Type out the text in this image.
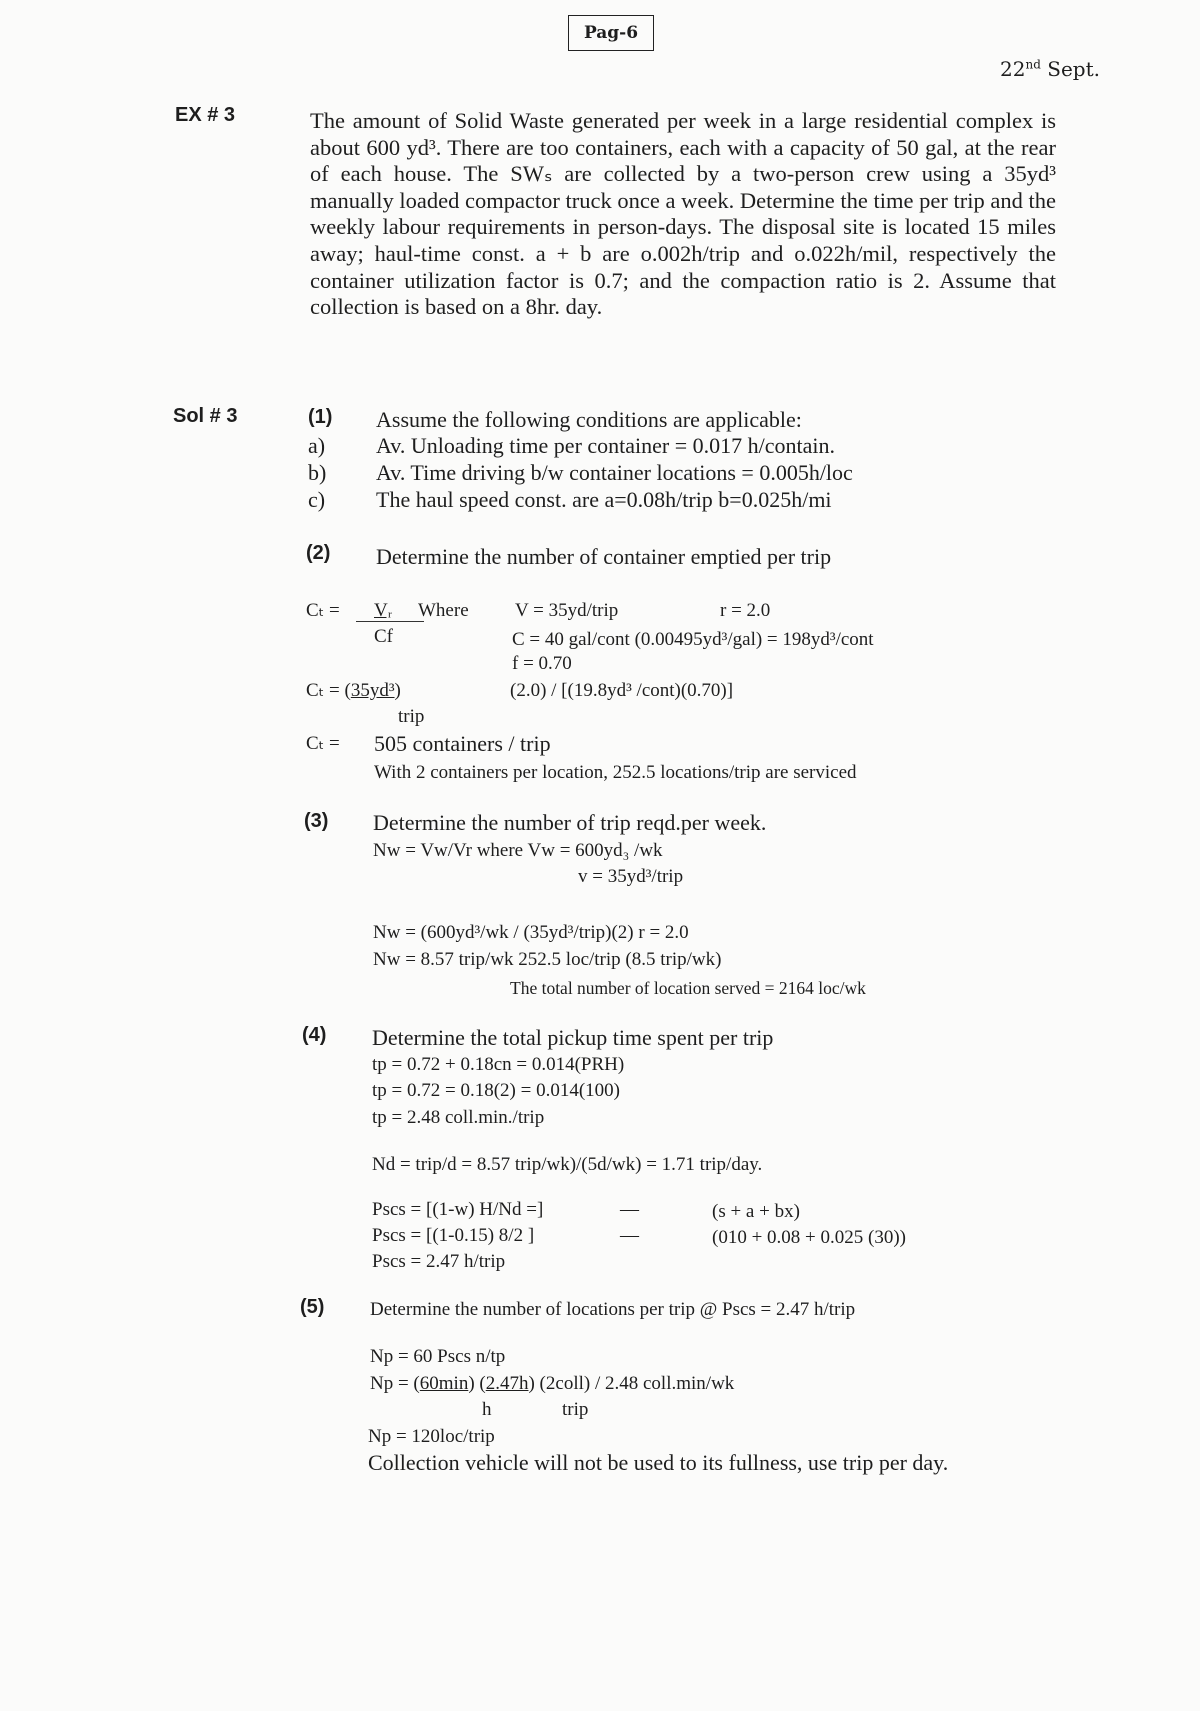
Pag-6
22nd Sept.
EX # 3	The amount of Solid Waste generated per week in a large residential complex is about 600 yd³. There are too containers, each with a capacity of 50 gal, at the rear of each house. The SWₛ are collected by a two-person crew using a 35yd³ manually loaded compactor truck once a week. Determine the time per trip and the weekly labour requirements in person-days. The disposal site is located 15 miles away; haul-time const. a + b are o.002h/trip and o.022h/mil, respectively the container utilization factor is 0.7; and the compaction ratio is 2. Assume that collection is based on a 8hr. day.
Sol # 3	(1) Assume the following conditions are applicable:
a) Av. Unloading time per container = 0.017 h/contain.
b) Av. Time driving b/w container locations = 0.005h/loc
c) The haul speed const. are a=0.08h/trip b=0.025h/mi
(2) Determine the number of container emptied per trip
Cₜ = Vᵣ Where
Cf
V = 35yd/trip	r = 2.0
C = 40 gal/cont (0.00495yd³/gal) = 198yd³/cont
f = 0.70
Cₜ = (35yd³)	(2.0) / [(19.8yd³ /cont)(0.70)]
trip
Cₜ = 505 containers / trip
With 2 containers per location, 252.5 locations/trip are serviced
(3) Determine the number of trip reqd.per week.
Nw = Vw/Vr where Vw = 600yd₃ /wk
v = 35yd³/trip
Nw = (600yd³/wk / (35yd³/trip)(2) r = 2.0
Nw = 8.57 trip/wk 252.5 loc/trip (8.5 trip/wk)
The total number of location served = 2164 loc/wk
(4) Determine the total pickup time spent per trip
tp = 0.72 + 0.18cn = 0.014(PRH)
tp = 0.72 = 0.18(2) = 0.014(100)
tp = 2.48 coll.min./trip
Nd = trip/d = 8.57 trip/wk)/(5d/wk) = 1.71 trip/day.
Pscs = [(1-w) H/Nd =]	—	(s + a + bx)
Pscs = [(1-0.15) 8/2 ]	—	(010 + 0.08 + 0.025 (30))
Pscs = 2.47 h/trip
(5) Determine the number of locations per trip @ Pscs = 2.47 h/trip
Np = 60 Pscs n/tp
Np = (60min) (2.47h) (2coll) / 2.48 coll.min/wk
h	trip
Np = 120loc/trip
Collection vehicle will not be used to its fullness, use trip per day.
